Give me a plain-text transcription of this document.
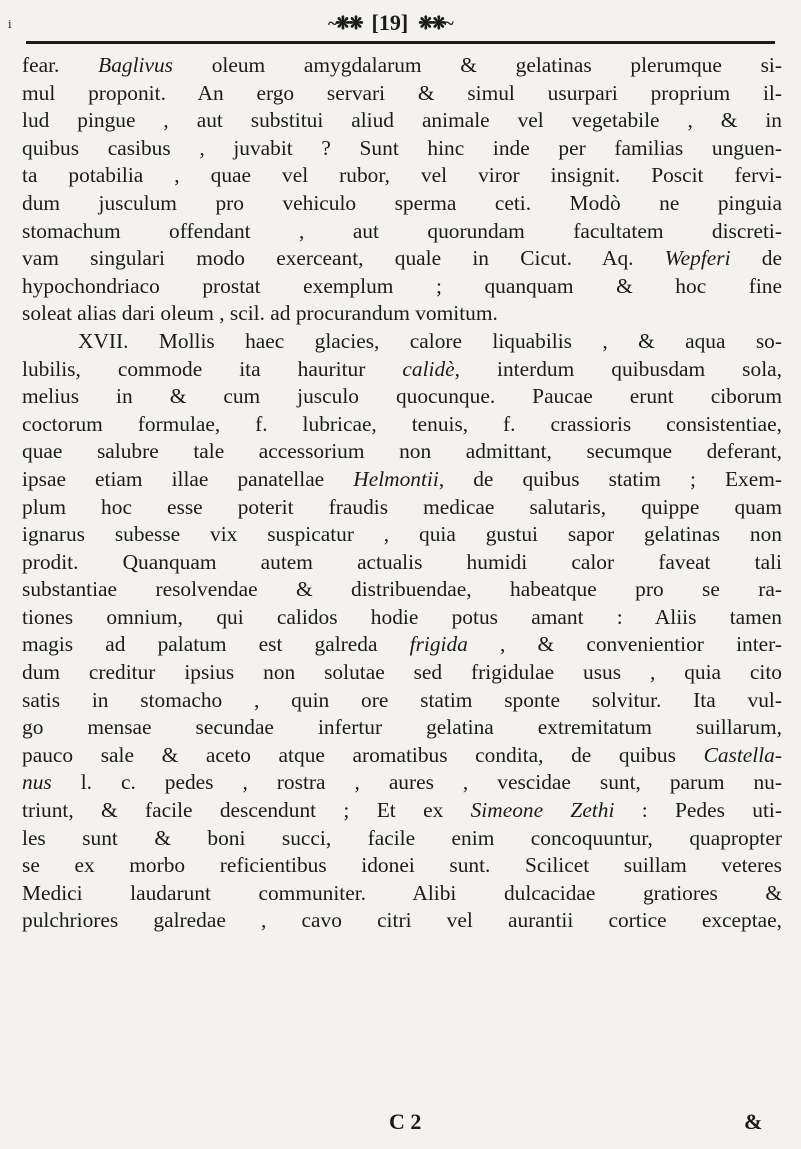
i	~❋❋ [19] ❋❋~
fear. Baglivus oleum amygdalarum & gelatinas plerumque si-
mul proponit. An ergo servari & simul usurpari proprium il-
lud pingue , aut substitui aliud animale vel vegetabile , & in
quibus casibus , juvabit ? Sunt hinc inde per familias unguen-
ta potabilia , quae vel rubor, vel viror insignit. Poscit fervi-
dum jusculum pro vehiculo sperma ceti. Modò ne pinguia
stomachum offendant , aut quorundam facultatem discreti-
vam singulari modo exerceant, quale in Cicut. Aq. Wepferi de
hypochondriaco prostat exemplum ; quanquam & hoc fine
soleat alias dari oleum , scil. ad procurandum vomitum.
XVII. Mollis haec glacies, calore liquabilis , & aqua so-
lubilis, commode ita hauritur calidè, interdum quibusdam sola,
melius in & cum jusculo quocunque. Paucae erunt ciborum
coctorum formulae, f. lubricae, tenuis, f. crassioris consistentiae,
quae salubre tale accessorium non admittant, secumque deferant,
ipsae etiam illae panatellae Helmontii, de quibus statim ; Exem-
plum hoc esse poterit fraudis medicae salutaris, quippe quam
ignarus subesse vix suspicatur , quia gustui sapor gelatinas non
prodit. Quanquam autem actualis humidi calor faveat tali
substantiae resolvendae & distribuendae, habeatque pro se ra-
tiones omnium, qui calidos hodie potus amant : Aliis tamen
magis ad palatum est galreda frigida , & convenientior inter-
dum creditur ipsius non solutae sed frigidulae usus , quia cito
satis in stomacho , quin ore statim sponte solvitur. Ita vul-
go mensae secundae infertur gelatina extremitatum suillarum,
pauco sale & aceto atque aromatibus condita, de quibus Castella-
nus l. c. pedes , rostra , aures , vescidae sunt, parum nu-
triunt, & facile descendunt ; Et ex Simeone Zethi : Pedes uti-
les sunt & boni succi, facile enim concoquuntur, quapropter
se ex morbo reficientibus idonei sunt. Scilicet suillam veteres
Medici laudarunt communiter. Alibi dulcacidae gratiores &
pulchriores galredae , cavo citri vel aurantii cortice exceptae,
C 2	&
